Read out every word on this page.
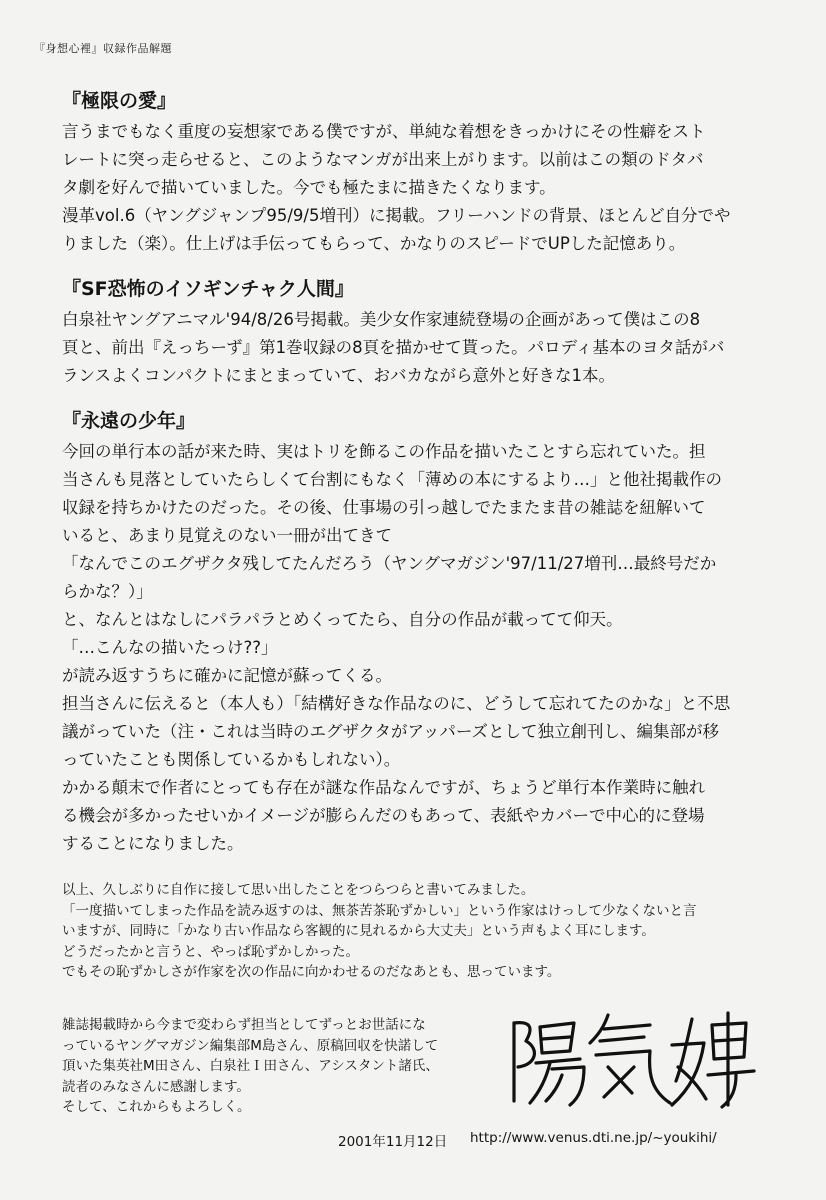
『身想心裡』収録作品解題

『極限の愛』

言うまでもなく重度の妄想家である僕ですが、単純な着想をきっかけにその性癖をスト

レートに突っ走らせると、このようなマンガが出来上がります。以前はこの類のドタバ

タ劇を好んで描いていました。今でも極たまに描きたくなります。

漫革vol.6（ヤングジャンプ95/9/5増刊）に掲載。フリーハンドの背景、ほとんど自分でや

りました（楽）。仕上げは手伝ってもらって、かなりのスピードでUPした記憶あり。

『SF恐怖のイソギンチャク人間』

白泉社ヤングアニマル'94/8/26号掲載。美少女作家連続登場の企画があって僕はこの8

頁と、前出『えっちーず』第1巻収録の8頁を描かせて貰った。パロディ基本のヨタ話がバ

ランスよくコンパクトにまとまっていて、おバカながら意外と好きな1本。

『永遠の少年』

今回の単行本の話が来た時、実はトリを飾るこの作品を描いたことすら忘れていた。担

当さんも見落としていたらしくて台割にもなく「薄めの本にするより…」と他社掲載作の

収録を持ちかけたのだった。その後、仕事場の引っ越しでたまたま昔の雑誌を紐解いて

いると、あまり見覚えのない一冊が出てきて

「なんでこのエグザクタ残してたんだろう（ヤングマガジン'97/11/27増刊…最終号だか

らかな？）」

と、なんとはなしにパラパラとめくってたら、自分の作品が載ってて仰天。

「…こんなの描いたっけ??」

が読み返すうちに確かに記憶が蘇ってくる。

担当さんに伝えると（本人も）「結構好きな作品なのに、どうして忘れてたのかな」と不思

議がっていた（注・これは当時のエグザクタがアッパーズとして独立創刊し、編集部が移

っていたことも関係しているかもしれない）。

かかる顛末で作者にとっても存在が謎な作品なんですが、ちょうど単行本作業時に触れ

る機会が多かったせいかイメージが膨らんだのもあって、表紙やカバーで中心的に登場

することになりました。

以上、久しぶりに自作に接して思い出したことをつらつらと書いてみました。

「一度描いてしまった作品を読み返すのは、無茶苦茶恥ずかしい」という作家はけっして少なくないと言

いますが、同時に「かなり古い作品なら客観的に見れるから大丈夫」という声もよく耳にします。

どうだったかと言うと、やっぱ恥ずかしかった。

でもその恥ずかしさが作家を次の作品に向かわせるのだなあとも、思っています。

雑誌掲載時から今まで変わらず担当としてずっとお世話にな

っているヤングマガジン編集部M島さん、原稿回収を快諾して

頂いた集英社M田さん、白泉社Ｉ田さん、アシスタント諸氏、

読者のみなさんに感謝します。

そして、これからもよろしく。

2001年11月12日 http://www.venus.dti.ne.jp/~youkihi/
